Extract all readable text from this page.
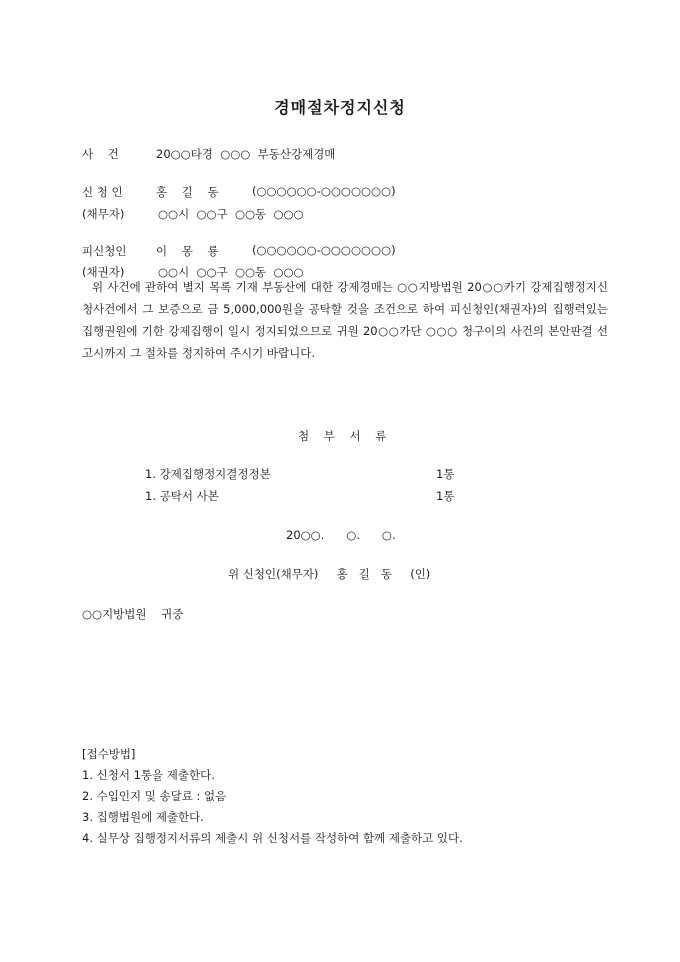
경매절차정지신청
사    건	20○○타경  ○○○  부동산강제경매
신 청 인	홍    길    동	(○○○○○○-○○○○○○○)
(채무자)	○○시  ○○구  ○○동  ○○○
피신청인	이    몽    룡	(○○○○○○-○○○○○○○)
(채권자)	○○시  ○○구  ○○동  ○○○
위 사건에 관하여 별지 목록 기재 부동산에 대한 강제경매는 ○○지방법원 20○○카기 강제집행정지신청사건에서 그 보증으로 금 5,000,000원을 공탁할 것을 조건으로 하여 피신청인(채권자)의 집행력있는 집행권원에 기한 강제집행이 일시 정지되었으므로 귀원 20○○가단 ○○○ 청구이의 사건의 본안판결 선고시까지 그 절차를 정지하여 주시기 바랍니다.
첨    부    서    류
1. 강제집행정지결정정본	1통
1. 공탁서 사본	1통
20○○.      ○.      ○.
위 신청인(채무자)     홍   길   동     (인)
○○지방법원    귀중
[접수방법]
1. 신청서 1통을 제출한다.
2. 수입인지 및 송달료 : 없음
3. 집행법원에 제출한다.
4. 실무상 집행정지서류의 제출시 위 신청서를 작성하여 함께 제출하고 있다.
